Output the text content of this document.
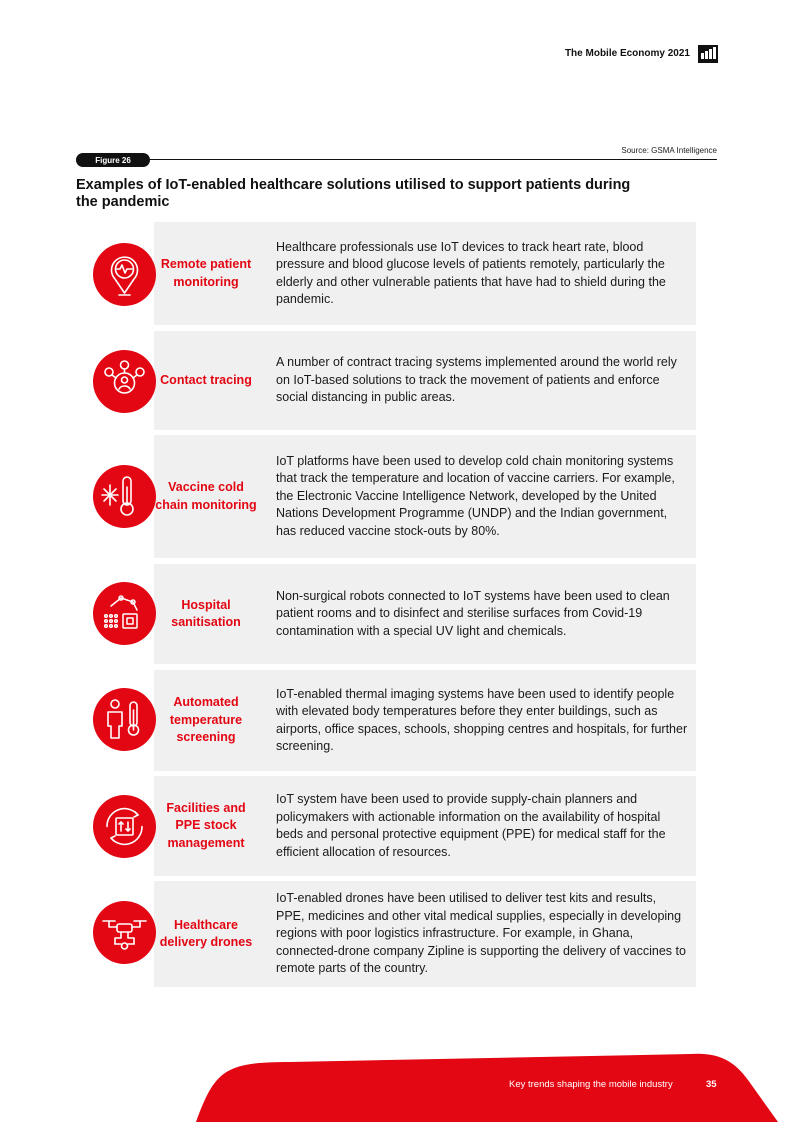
The Mobile Economy 2021
Source: GSMA Intelligence
Figure 26
Examples of IoT-enabled healthcare solutions utilised to support patients during the pandemic
Remote patient monitoring
Healthcare professionals use IoT devices to track heart rate, blood pressure and blood glucose levels of patients remotely, particularly the elderly and other vulnerable patients that have had to shield during the pandemic.
Contact tracing
A number of contract tracing systems implemented around the world rely on IoT-based solutions to track the movement of patients and enforce social distancing in public areas.
Vaccine cold chain monitoring
IoT platforms have been used to develop cold chain monitoring systems that track the temperature and location of vaccine carriers. For example, the Electronic Vaccine Intelligence Network, developed by the United Nations Development Programme (UNDP) and the Indian government, has reduced vaccine stock-outs by 80%.
Hospital sanitisation
Non-surgical robots connected to IoT systems have been used to clean patient rooms and to disinfect and sterilise surfaces from Covid-19 contamination with a special UV light and chemicals.
Automated temperature screening
IoT-enabled thermal imaging systems have been used to identify people with elevated body temperatures before they enter buildings, such as airports, office spaces, schools, shopping centres and hospitals, for further screening.
Facilities and PPE stock management
IoT system have been used to provide supply-chain planners and policymakers with actionable information on the availability of hospital beds and personal protective equipment (PPE) for medical staff for the efficient allocation of resources.
Healthcare delivery drones
IoT-enabled drones have been utilised to deliver test kits and results, PPE, medicines and other vital medical supplies, especially in developing regions with poor logistics infrastructure. For example, in Ghana, connected-drone company Zipline is supporting the delivery of vaccines to remote parts of the country.
Key trends shaping the mobile industry	35
